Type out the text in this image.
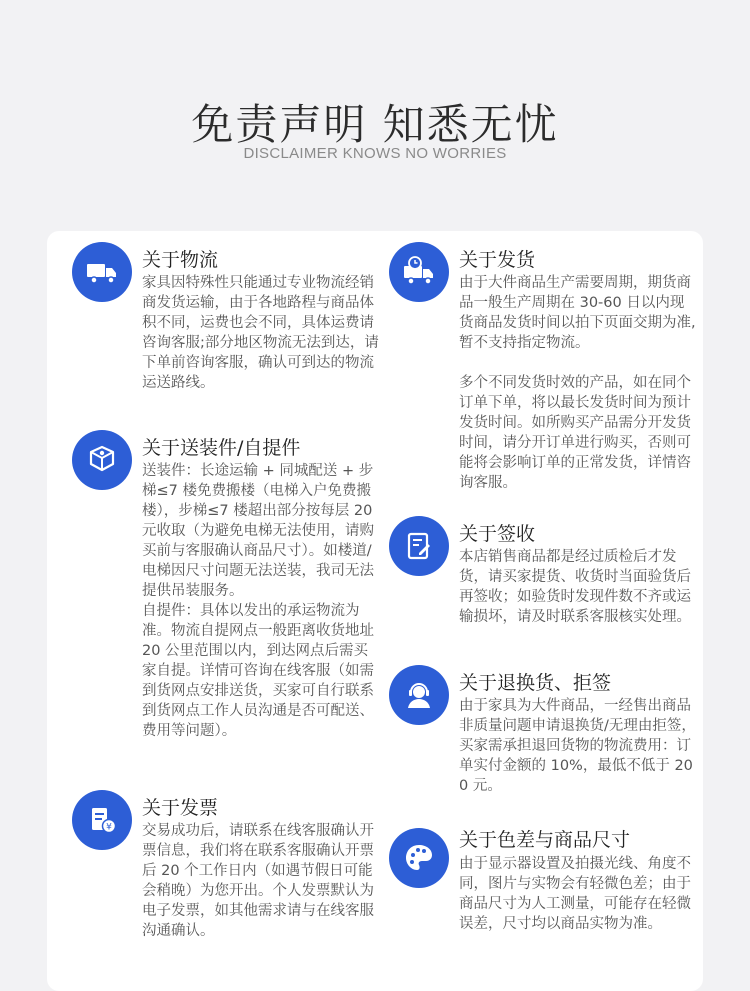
免责声明 知悉无忧
DISCLAIMER KNOWS NO WORRIES
关于物流
家具因特殊性只能通过专业物流经销商发货运输，由于各地路程与商品体积不同，运费也会不同，具体运费请咨询客服;部分地区物流无法到达，请下单前咨询客服，确认可到达的物流运送路线。
关于送装件/自提件

送装件：长途运输 + 同城配送 + 步梯≤7 楼免费搬楼（电梯入户免费搬楼），步梯≤7 楼超出部分按每层 20 元收取（为避免电梯无法使用，请购买前与客服确认商品尺寸）。如楼道/电梯因尺寸问题无法送装，我司无法提供吊装服务。

自提件：具体以发出的承运物流为准。物流自提网点一般距离收货地址 20 公里范围以内，到达网点后需买家自提。详情可咨询在线客服（如需到货网点安排送货，买家可自行联系到货网点工作人员沟通是否可配送、费用等问题）。

¥
关于发票
交易成功后，请联系在线客服确认开票信息，我们将在联系客服确认开票后 20 个工作日内（如遇节假日可能会稍晚）为您开出。个人发票默认为电子发票，如其他需求请与在线客服沟通确认。
关于发货

由于大件商品生产需要周期，期货商品一般生产周期在 30-60 日以内现货商品发货时间以拍下页面交期为准,暂不支持指定物流。

多个不同发货时效的产品，如在同个订单下单，将以最长发货时间为预计发货时间。如所购买产品需分开发货时间，请分开订单进行购买，否则可能将会影响订单的正常发货，详情咨询客服。

关于签收
本店销售商品都是经过质检后才发货，请买家提货、收货时当面验货后再签收；如验货时发现件数不齐或运输损坏，请及时联系客服核实处理。
关于退换货、拒签
由于家具为大件商品，一经售出商品非质量问题申请退换货/无理由拒签，买家需承担退回货物的物流费用：订单实付金额的 10%，最低不低于 200 元。
关于色差与商品尺寸
由于显示器设置及拍摄光线、角度不同，图片与实物会有轻微色差；由于商品尺寸为人工测量，可能存在轻微误差，尺寸均以商品实物为准。
